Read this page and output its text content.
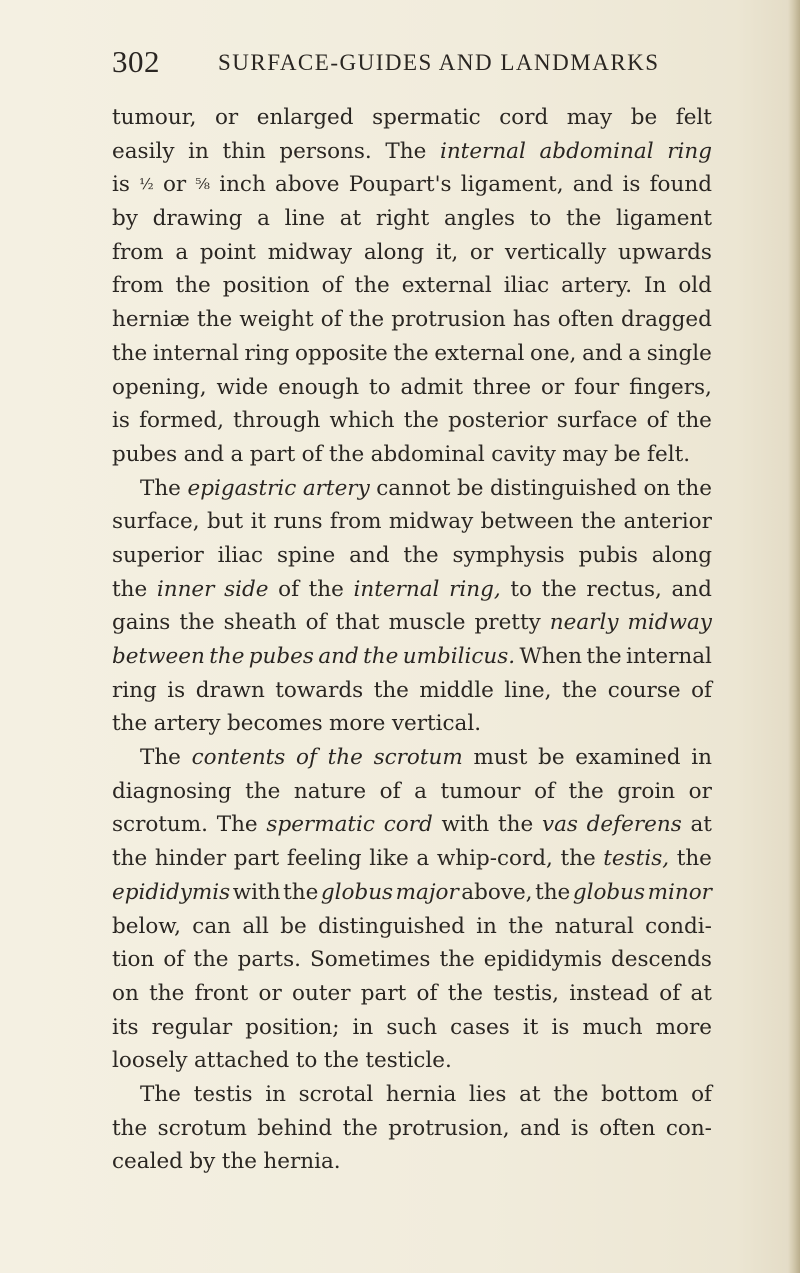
302	SURFACE-GUIDES AND LANDMARKS
tumour, or enlarged spermatic cord may be felt
easily in thin persons. The internal abdominal ring
is ½ or ⅝ inch above Poupart's ligament, and is found
by drawing a line at right angles to the ligament
from a point midway along it, or vertically upwards
from the position of the external iliac artery. In old
herniæ the weight of the protrusion has often dragged
the internal ring opposite the external one, and a single
opening, wide enough to admit three or four fingers,
is formed, through which the posterior surface of the
pubes and a part of the abdominal cavity may be felt.
The epigastric artery cannot be distinguished on the
surface, but it runs from midway between the anterior
superior iliac spine and the symphysis pubis along
the inner side of the internal ring, to the rectus, and
gains the sheath of that muscle pretty nearly midway
between the pubes and the umbilicus. When the internal
ring is drawn towards the middle line, the course of
the artery becomes more vertical.
The contents of the scrotum must be examined in
diagnosing the nature of a tumour of the groin or
scrotum. The spermatic cord with the vas deferens at
the hinder part feeling like a whip-cord, the testis, the
epididymis with the globus major above, the globus minor
below, can all be distinguished in the natural condi-
tion of the parts. Sometimes the epididymis descends
on the front or outer part of the testis, instead of at
its regular position; in such cases it is much more
loosely attached to the testicle.
The testis in scrotal hernia lies at the bottom of
the scrotum behind the protrusion, and is often con-
cealed by the hernia.
